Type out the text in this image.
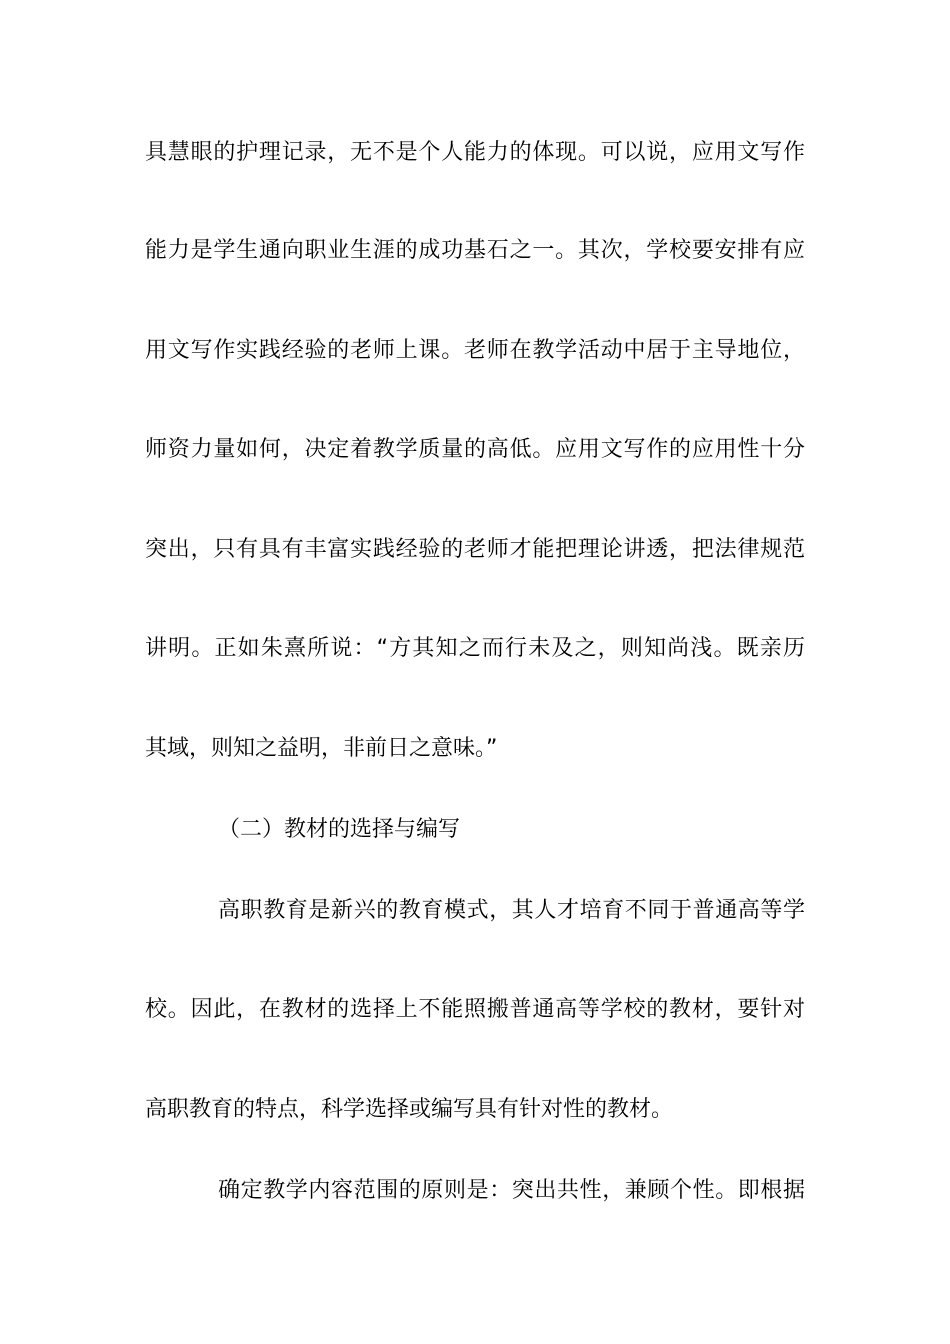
具慧眼的护理记录，无不是个人能力的体现。可以说，应用文写作
能力是学生通向职业生涯的成功基石之一。其次，学校要安排有应
用文写作实践经验的老师上课。老师在教学活动中居于主导地位，
师资力量如何，决定着教学质量的高低。应用文写作的应用性十分
突出，只有具有丰富实践经验的老师才能把理论讲透，把法律规范
讲明。正如朱熹所说：“方其知之而行未及之，则知尚浅。既亲历
其域，则知之益明，非前日之意味。”
（二）教材的选择与编写
高职教育是新兴的教育模式，其人才培育不同于普通高等学
校。因此，在教材的选择上不能照搬普通高等学校的教材，要针对
高职教育的特点，科学选择或编写具有针对性的教材。
确定教学内容范围的原则是：突出共性，兼顾个性。即根据
